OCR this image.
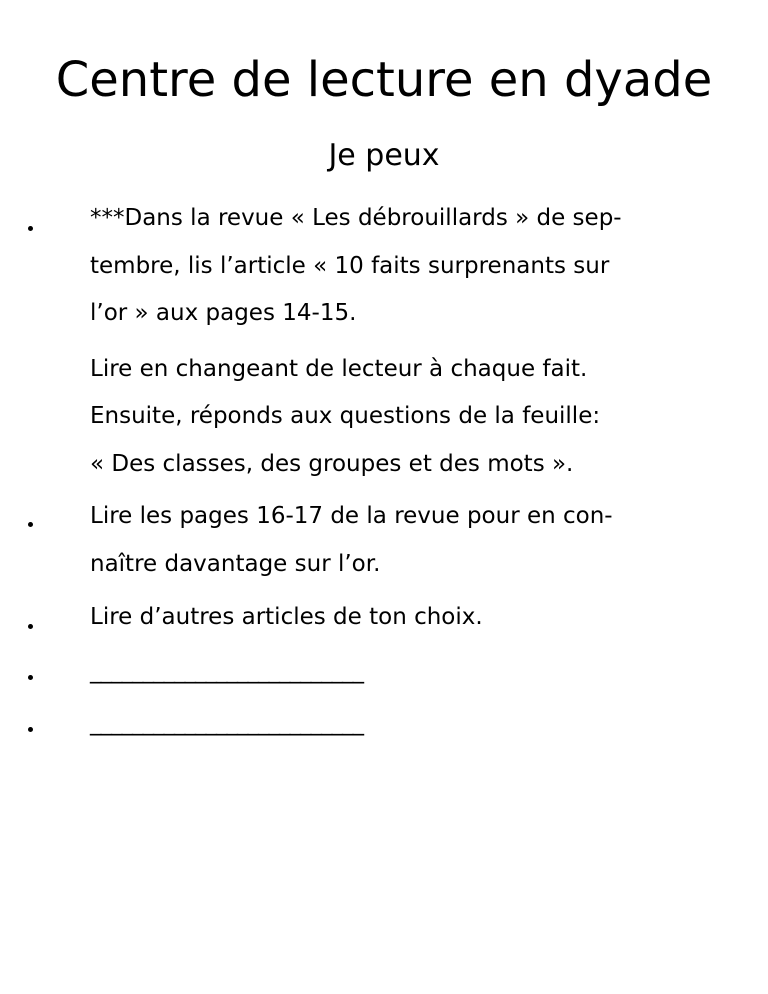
Centre de lecture en dyade
Je peux
***Dans la revue « Les débrouillards » de sep-
tembre, lis l’article « 10 faits surprenants sur
l’or » aux pages 14-15.
Lire en changeant de lecteur à chaque fait.
Ensuite, réponds aux questions de la feuille:
« Des classes, des groupes et des mots ».
Lire les pages 16-17 de la revue pour en con-
naître davantage sur l’or.
Lire d’autres articles de ton choix.
__________________________
__________________________
